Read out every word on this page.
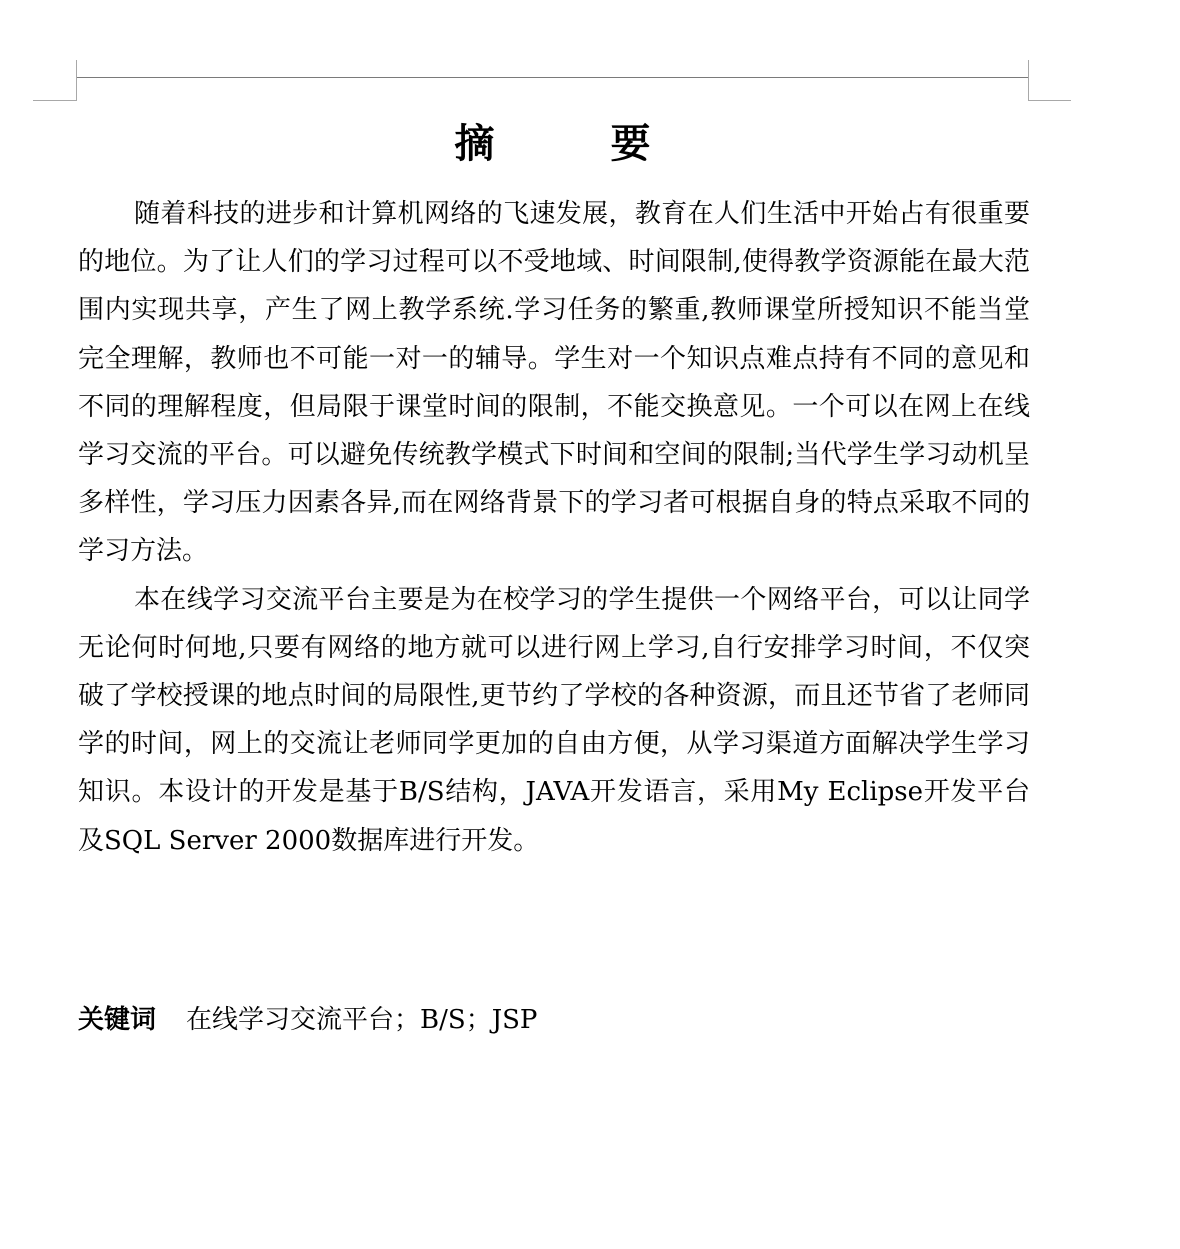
摘　要

随着科技的进步和计算机网络的飞速发展，教育在人们生活中开始占有很重要的地位。为了让人们的学习过程可以不受地域、时间限制,使得教学资源能在最大范围内实现共享，产生了网上教学系统.学习任务的繁重,教师课堂所授知识不能当堂完全理解，教师也不可能一对一的辅导。学生对一个知识点难点持有不同的意见和不同的理解程度，但局限于课堂时间的限制，不能交换意见。一个可以在网上在线学习交流的平台。可以避免传统教学模式下时间和空间的限制;当代学生学习动机呈多样性，学习压力因素各异,而在网络背景下的学习者可根据自身的特点采取不同的学习方法。

本在线学习交流平台主要是为在校学习的学生提供一个网络平台，可以让同学无论何时何地,只要有网络的地方就可以进行网上学习,自行安排学习时间，不仅突破了学校授课的地点时间的局限性,更节约了学校的各种资源，而且还节省了老师同学的时间，网上的交流让老师同学更加的自由方便，从学习渠道方面解决学生学习知识。本设计的开发是基于B/S结构，JAVA开发语言，采用My Eclipse开发平台及SQL Server 2000数据库进行开发。

关键词 在线学习交流平台；B/S；JSP
